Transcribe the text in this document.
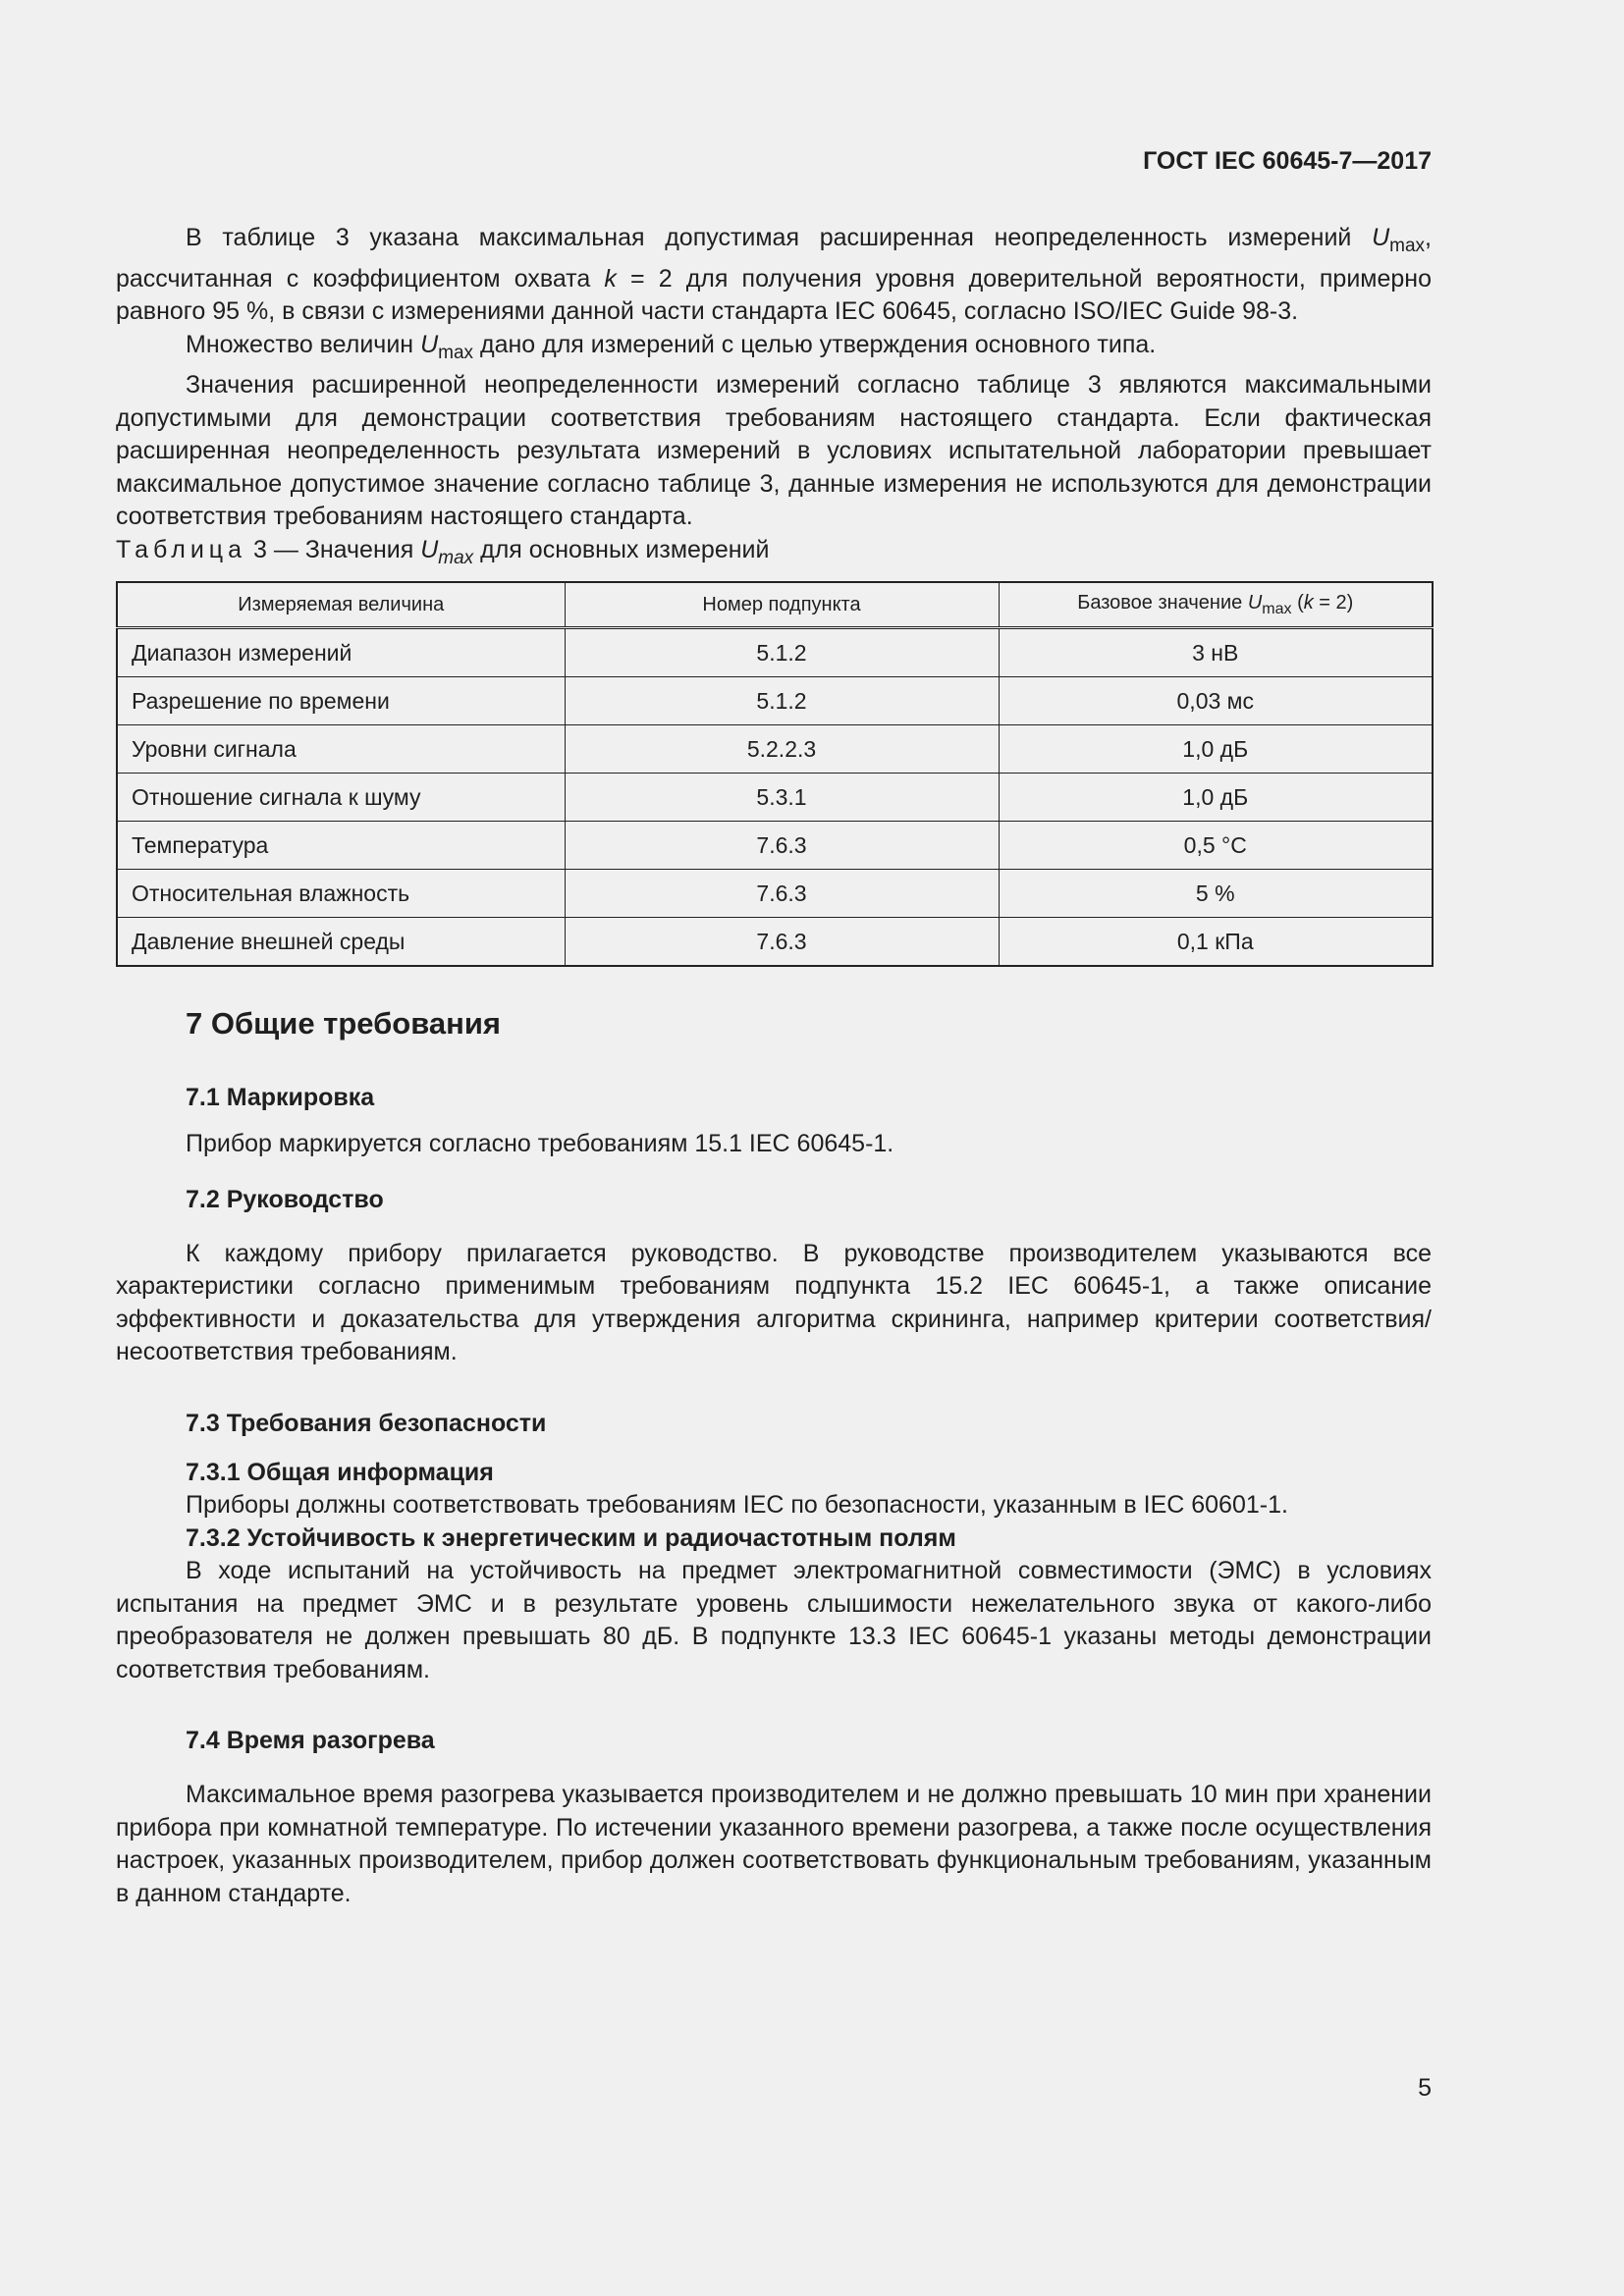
ГОСТ IEC 60645-7—2017

В таблице 3 указана максимальная допустимая расширенная неопределенность измерений $U_{max}$, рассчитанная с коэффициентом охвата k = 2 для получения уровня доверительной вероятности, примерно равного 95 %, в связи с измерениями данной части стандарта IEC 60645, согласно ISO/IEC Guide 98-3.

Множество величин $U_{max}$ дано для измерений с целью утверждения основного типа.

Значения расширенной неопределенности измерений согласно таблице 3 являются максимальными допустимыми для демонстрации соответствия требованиям настоящего стандарта. Если фактическая расширенная неопределенность результата измерений в условиях испытательной лаборатории превышает максимальное допустимое значение согласно таблице 3, данные измерения не используются для демонстрации соответствия требованиям настоящего стандарта.

Таблица 3 — Значения $U_{max}$ для основных измерений

Измеряемая величина	Номер подпункта	Базовое значение $U_{max}$ (k = 2)
Диапазон измерений	5.1.2	3 нВ
Разрешение по времени	5.1.2	0,03 мс
Уровни сигнала	5.2.2.3	1,0 дБ
Отношение сигнала к шуму	5.3.1	1,0 дБ
Температура	7.6.3	0,5 °С
Относительная влажность	7.6.3	5 %
Давление внешней среды	7.6.3	0,1 кПа
7 Общие требования
7.1 Маркировка

Прибор маркируется согласно требованиям 15.1 IEC 60645-1.

7.2 Руководство

К каждому прибору прилагается руководство. В руководстве производителем указываются все характеристики согласно применимым требованиям подпункта 15.2 IEC 60645-1, а также описание эффективности и доказательства для утверждения алгоритма скрининга, например критерии соответствия/несоответствия требованиям.

7.3 Требования безопасности
7.3.1 Общая информация

Приборы должны соответствовать требованиям IEC по безопасности, указанным в IEC 60601-1.

7.3.2 Устойчивость к энергетическим и радиочастотным полям

В ходе испытаний на устойчивость на предмет электромагнитной совместимости (ЭМС) в условиях испытания на предмет ЭМС и в результате уровень слышимости нежелательного звука от какого-либо преобразователя не должен превышать 80 дБ. В подпункте 13.3 IEC 60645-1 указаны методы демонстрации соответствия требованиям.

7.4 Время разогрева

Максимальное время разогрева указывается производителем и не должно превышать 10 мин при хранении прибора при комнатной температуре. По истечении указанного времени разогрева, а также после осуществления настроек, указанных производителем, прибор должен соответствовать функциональным требованиям, указанным в данном стандарте.

5
